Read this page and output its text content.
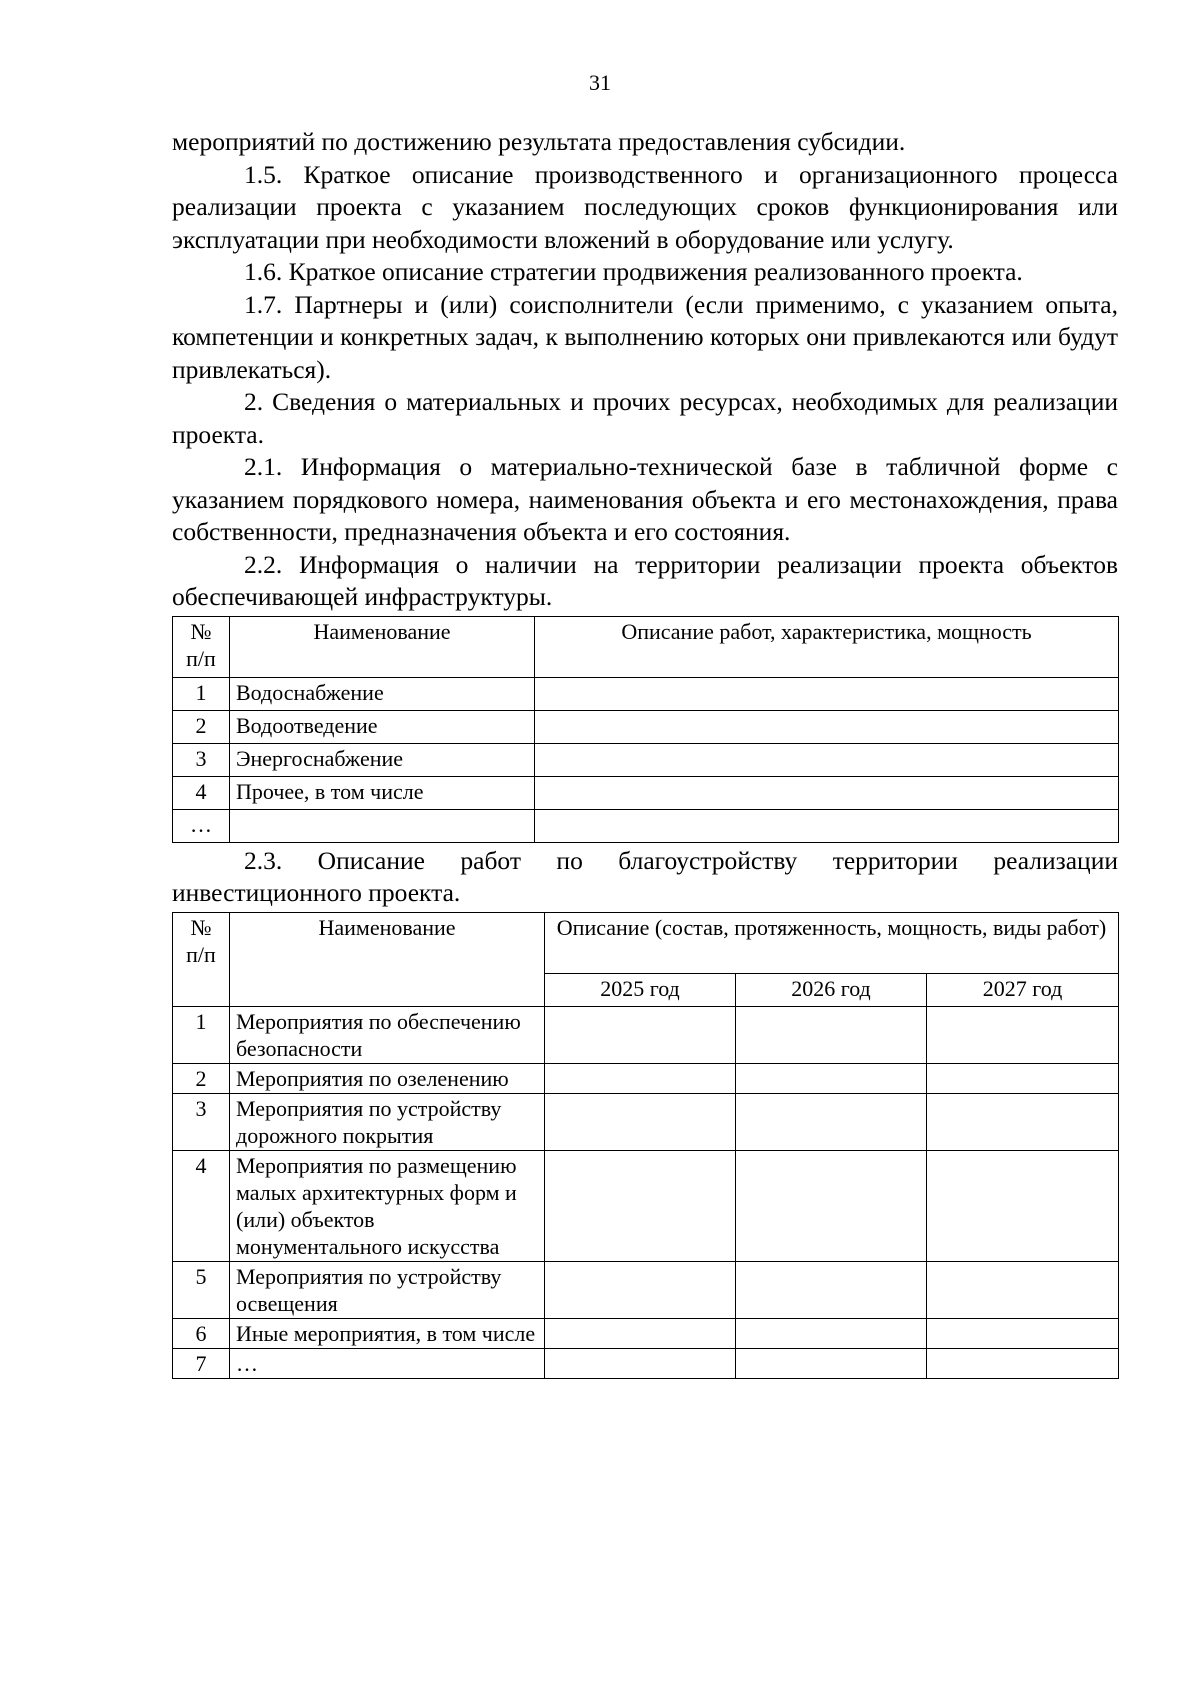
31

мероприятий по достижению результата предоставления субсидии.

1.5. Краткое описание производственного и организационного процесса реализации проекта с указанием последующих сроков функционирования или эксплуатации при необходимости вложений в оборудование или услугу.

1.6. Краткое описание стратегии продвижения реализованного проекта.

1.7. Партнеры и (или) соисполнители (если применимо, с указанием опыта, компетенции и конкретных задач, к выполнению которых они привлекаются или будут привлекаться).

2. Сведения о материальных и прочих ресурсах, необходимых для реализации проекта.

2.1. Информация о материально-технической базе в табличной форме с указанием порядкового номера, наименования объекта и его местонахождения, права собственности, предназначения объекта и его состояния.

2.2. Информация о наличии на территории реализации проекта объектов обеспечивающей инфраструктуры.

№ п/п	Наименование	Описание работ, характеристика, мощность
1	Водоснабжение	
2	Водоотведение	
3	Энергоснабжение	
4	Прочее, в том числе	
…		

2.3. Описание работ по благоустройству территории реализации инвестиционного проекта.

№ п/п	Наименование	Описание (состав, протяженность, мощность, виды работ)		
		2025 год	2026 год	2027 год
1	Мероприятия по обеспечению безопасности			
2	Мероприятия по озеленению			
3	Мероприятия по устройству дорожного покрытия			
4	Мероприятия по размещению малых архитектурных форм и (или) объектов монументального искусства			
5	Мероприятия по устройству освещения			
6	Иные мероприятия, в том числе			
7	…			
